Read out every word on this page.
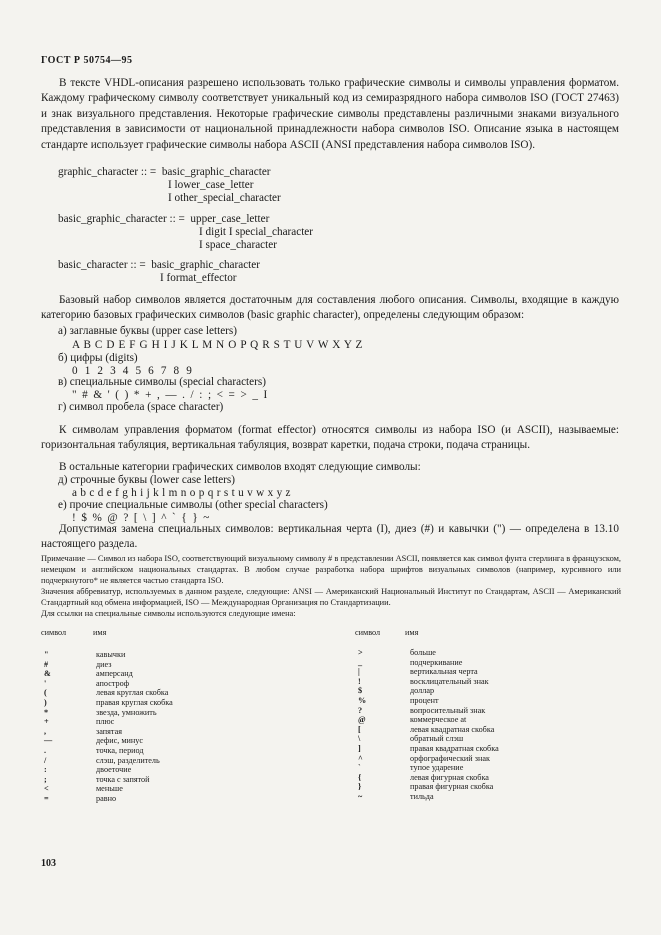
ГОСТ Р 50754—95
В тексте VHDL-описания разрешено использовать только графические символы и символы управления форматом. Каждому графическому символу соответствует уникальный код из семиразрядного набора символов ISO (ГОСТ 27463) и знак визуального представления. Некоторые графические символы представлены различными знаками визуального представления в зависимости от национальной принадлежности набора символов ISO. Описание языка в настоящем стандарте использует графические символы набора ASCII (ANSI представления набора символов ISO).
graphic_character :: =  basic_graphic_character
I lower_case_letter
I other_special_character
basic_graphic_character :: =  upper_case_letter
I digit I special_character
I space_character
basic_character :: =  basic_graphic_character
I format_effector
Базовый набор символов является достаточным для составления любого описания. Символы, входящие в каждую категорию базовых графических символов (basic graphic character), определены следующим образом:
а) заглавные буквы (upper case letters)
A B C D E F G H I J K L M N O P Q R S T U V W X Y Z
б) цифры (digits)
0  1  2  3  4  5  6  7  8  9
в) специальные символы (special characters)
"  #  &  '  (  )  *  +  ,  —  .  /  :  ;  <  =  >  _  I
г) символ пробела (space character)
К символам управления форматом (format effector) относятся символы из набора ISO (и ASCII), называемые: горизонтальная табуляция, вертикальная табуляция, возврат каретки, подача строки, подача страницы.
В остальные категории графических символов входят следующие символы:
д) строчные буквы (lower case letters)
a b c d e f g h i j k l m n o p q r s t u v w x y z
е) прочие специальные символы (other special characters)
!  $  %  @  ?  [  \  ]  ^  `  {  }  ~
Допустимая замена специальных символов: вертикальная черта (I), диез (#) и кавычки (") — определена в 13.10 настоящего раздела.
Примечание — Символ из набора ISO, соответствующий визуальному символу # в представлении ASCII, появляется как символ фунта стерлинга в французском, немецком и английском национальных стандартах. В любом случае разработка набора шрифтов визуальных символов (например, курсивного или подчеркнутого* не является частью стандарта ISO.
Значения аббревиатур, используемых в данном разделе, следующие: ANSI — Американский Национальный Институт по Стандартам, ASCII — Американский Стандартный код обмена информацией, ISO — Международная Организация по Стандартизации.
Для ссылки на специальные символы используются следующие имена:
символ	имя	символ	имя
"	кавычки
#	диез
&	амперсанд
'	апостроф
(	левая круглая скобка
)	правая круглая скобка
*	звезда, умножить
+	плюс
,	запятая
—	дефис, минус
.	точка, период
/	слэш, разделитель
:	двоеточие
;	точка с запятой
<	меньше
=	равно
>	больше
_	подчеркивание
|	вертикальная черта
!	восклицательный знак
$	доллар
%	процент
?	вопросительный знак
@	коммерческое at
[	левая квадратная скобка
\	обратный слэш
]	правая квадратная скобка
^	орфографический знак
`	тупое ударение
{	левая фигурная скобка
}	правая фигурная скобка
~	тильда
103
